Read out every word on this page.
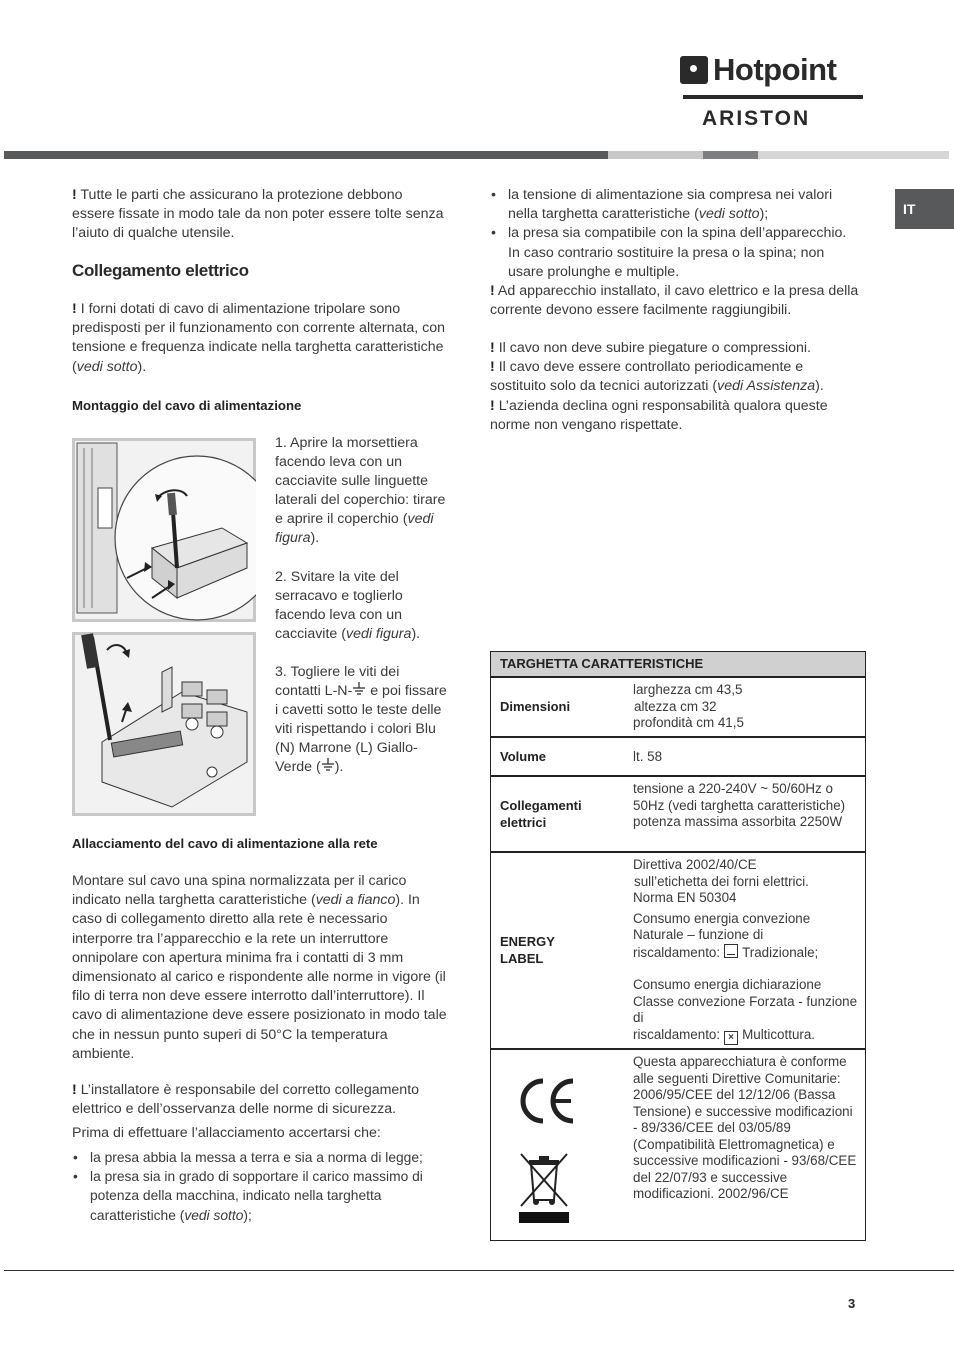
Hotpoint
ARISTON
IT

! Tutte le parti che assicurano la protezione debbono essere fissate in modo tale da non poter essere tolte senza l’aiuto di qualche utensile.

Collegamento elettrico

! I forni dotati di cavo di alimentazione tripolare sono predisposti per il funzionamento con corrente alternata, con tensione e frequenza indicate nella targhetta caratteristiche (vedi sotto).

Montaggio del cavo di alimentazione

1. Aprire la morsettiera facendo leva con un cacciavite sulle linguette laterali del coperchio: tirare e aprire il coperchio (vedi figura).

2. Svitare la vite del serracavo e toglierlo facendo leva con un cacciavite (vedi figura).

3. Togliere le viti dei contatti L-N- e poi fissare i cavetti sotto le teste delle viti rispettando i colori Blu (N) Marrone (L) Giallo-Verde ( ).

Allacciamento del cavo di alimentazione alla rete

Montare sul cavo una spina normalizzata per il carico indicato nella targhetta caratteristiche (vedi a fianco). In caso di collegamento diretto alla rete è necessario interporre tra l’apparecchio e la rete un interruttore onnipolare con apertura minima fra i contatti di 3 mm dimensionato al carico e rispondente alle norme in vigore (il filo di terra non deve essere interrotto dall’interruttore). Il cavo di alimentazione deve essere posizionato in modo tale che in nessun punto superi di 50°C la temperatura ambiente.

! L’installatore è responsabile del corretto collegamento elettrico e dell’osservanza delle norme di sicurezza.

Prima di effettuare l’allacciamento accertarsi che:

• la presa abbia la messa a terra e sia a norma di legge;
• la presa sia in grado di sopportare il carico massimo di potenza della macchina, indicato nella targhetta caratteristiche (vedi sotto);
• la tensione di alimentazione sia compresa nei valori nella targhetta caratteristiche (vedi sotto);
• la presa sia compatibile con la spina dell’apparecchio. In caso contrario sostituire la presa o la spina; non usare prolunghe e multiple.

! Ad apparecchio installato, il cavo elettrico e la presa della corrente devono essere facilmente raggiungibili.

! Il cavo non deve subire piegature o compressioni.
! Il cavo deve essere controllato periodicamente e sostituito solo da tecnici autorizzati (vedi Assistenza).
! L’azienda declina ogni responsabilità qualora queste norme non vengano rispettate.

TARGHETTA CARATTERISTICHE
Dimensioni
larghezza cm 43,5
altezza cm 32
profondità cm 41,5
Volume	lt. 58
Collegamenti
elettrici
tensione a 220-240V ~ 50/60Hz o 50Hz (vedi targhetta caratteristiche) potenza massima assorbita 2250W
ENERGY
LABEL
Direttiva 2002/40/CE
sull’etichetta dei forni elettrici.
Norma EN 50304
Consumo energia convezione Naturale – funzione di
riscaldamento: Tradizionale;
Consumo energia dichiarazione Classe convezione Forzata - funzione di
riscaldamento: × Multicottura.
Questa apparecchiatura è conforme alle seguenti Direttive Comunitarie: 2006/95/CEE del 12/12/06 (Bassa Tensione) e successive modificazioni - 89/336/CEE del 03/05/89 (Compatibilità Elettromagnetica) e successive modificazioni - 93/68/CEE del 22/07/93 e successive modificazioni. 2002/96/CE
3
